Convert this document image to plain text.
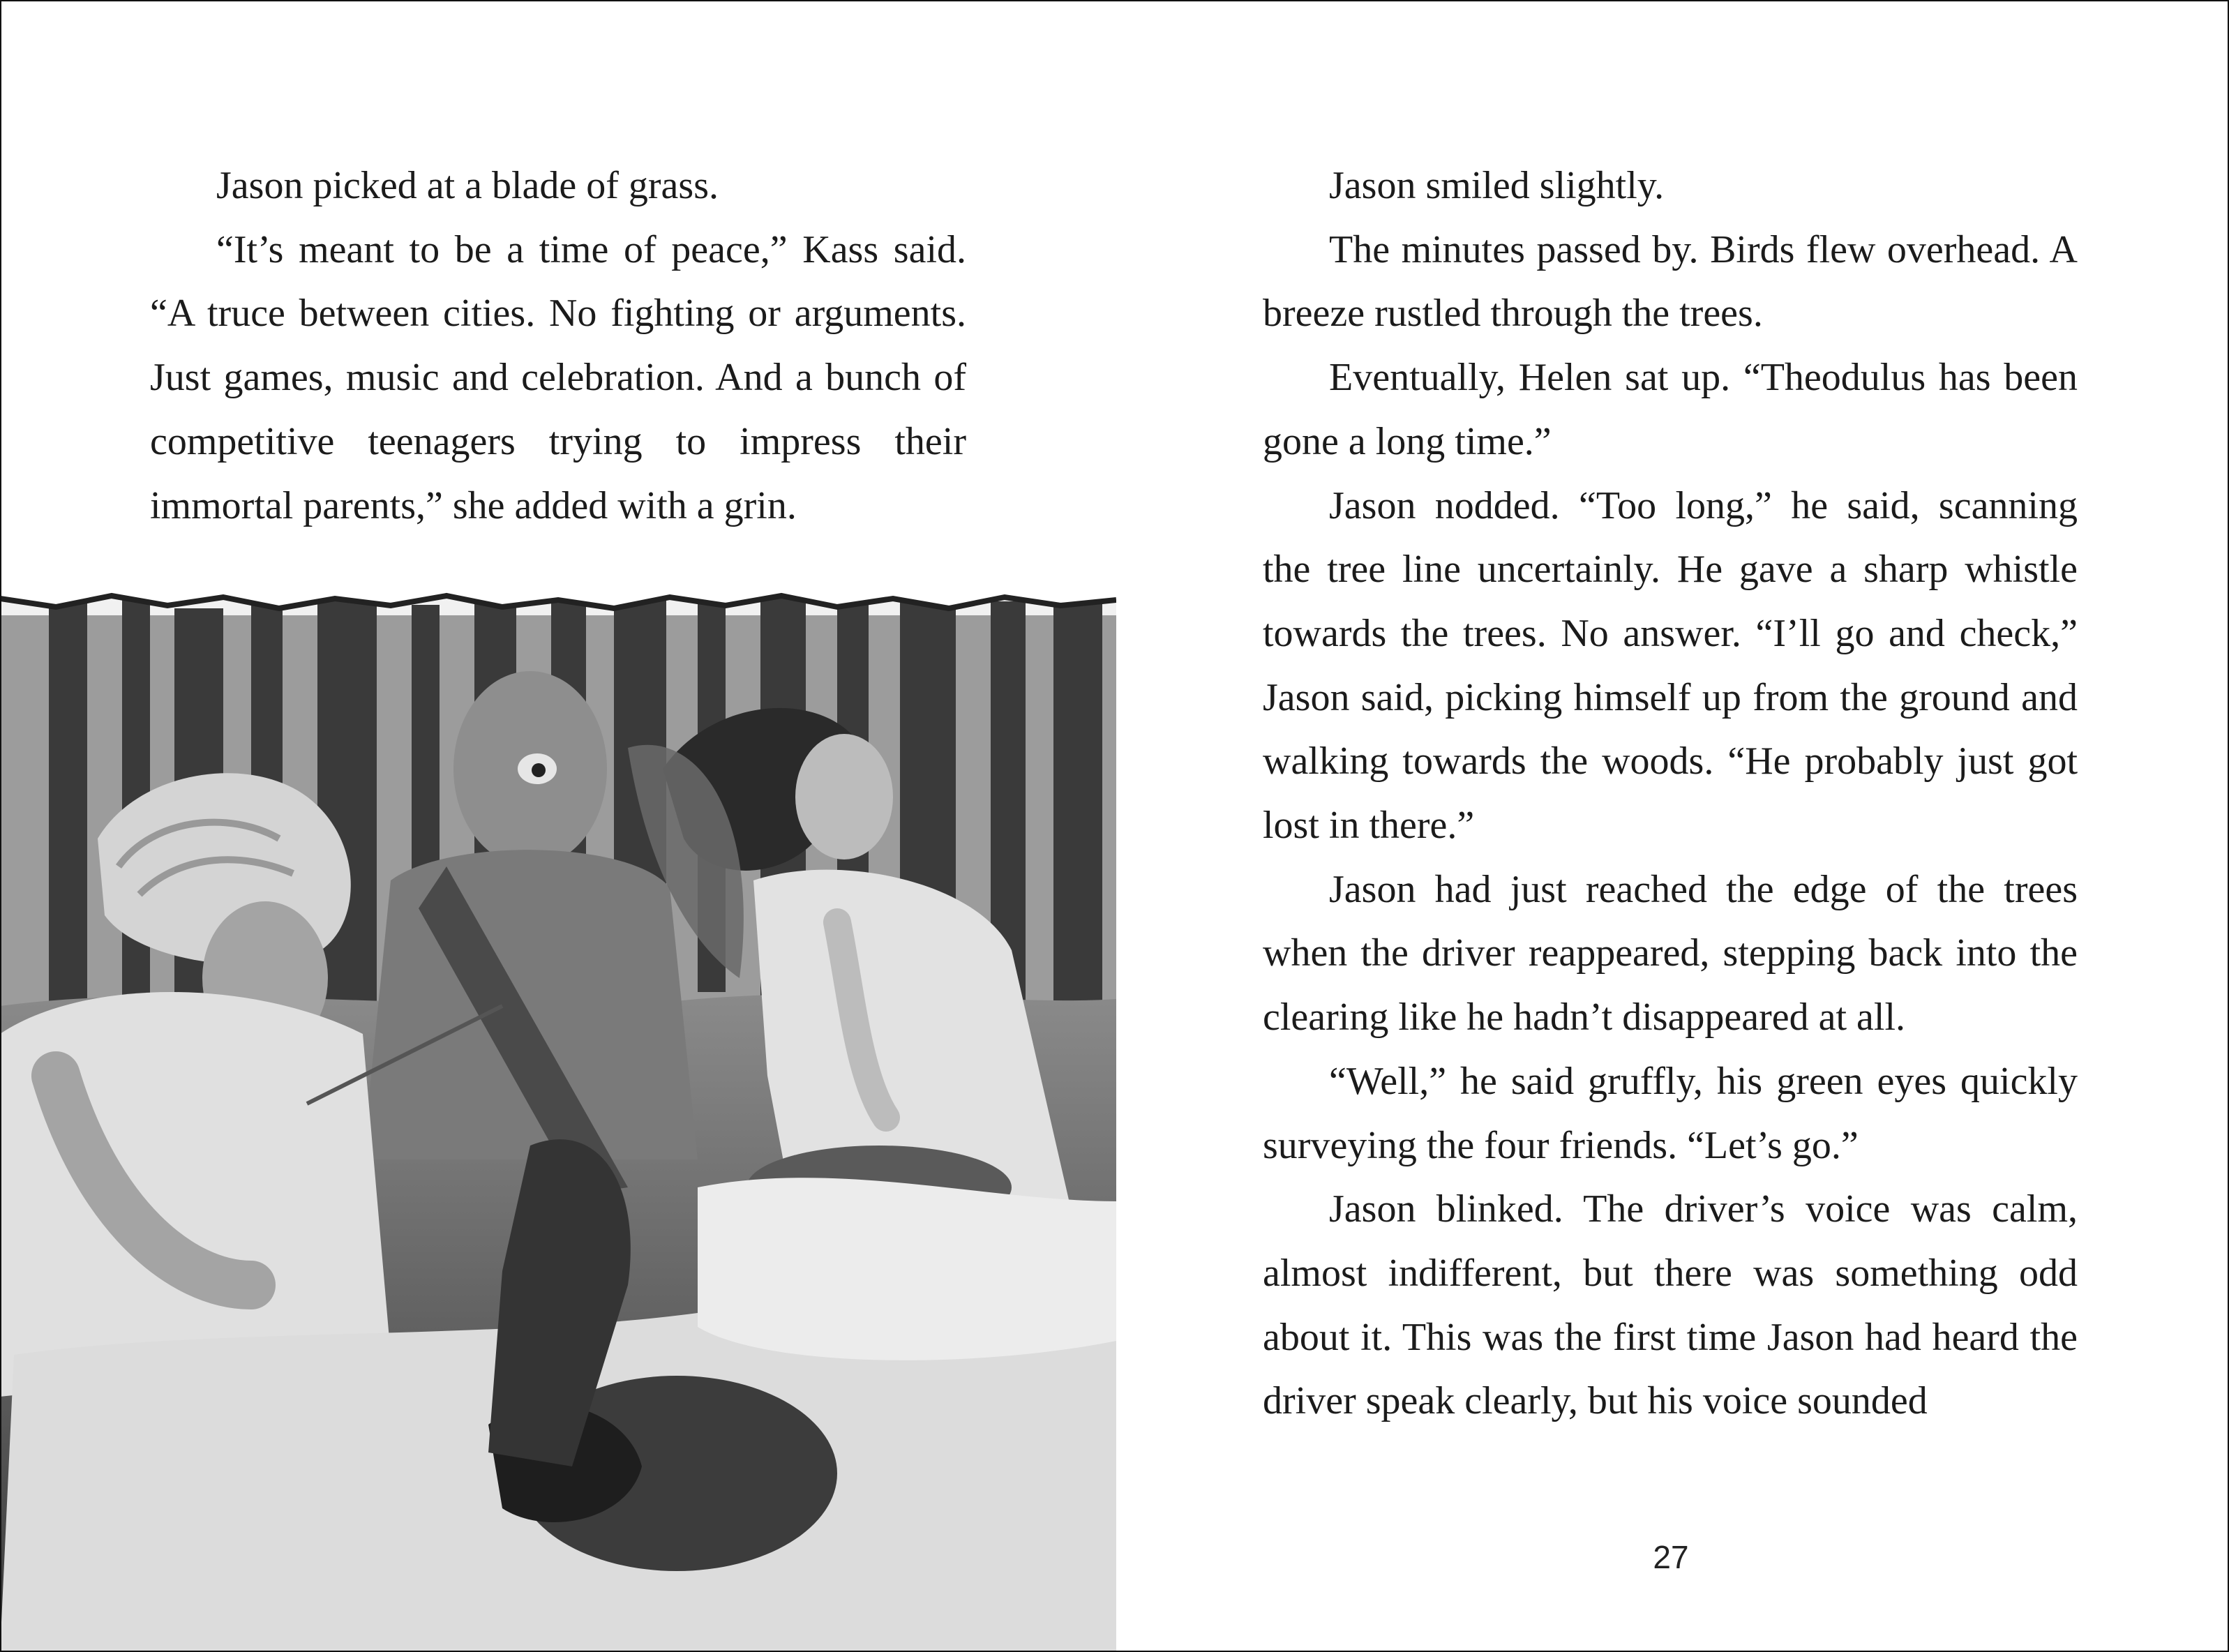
Jason picked at a blade of grass.

“It’s meant to be a time of peace,” Kass said. “A truce between cities. No fighting or arguments. Just games, music and celebration. And a bunch of competitive teenagers trying to impress their immortal parents,” she added with a grin.

Jason smiled slightly.

The minutes passed by. Birds flew overhead. A breeze rustled through the trees.

Eventually, Helen sat up. “Theodulus has been gone a long time.”

Jason nodded. “Too long,” he said, scanning the tree line uncertainly. He gave a sharp whistle towards the trees. No answer. “I’ll go and check,” Jason said, picking himself up from the ground and walking towards the woods. “He probably just got lost in there.”

Jason had just reached the edge of the trees when the driver reappeared, stepping back into the clearing like he hadn’t disappeared at all.

“Well,” he said gruffly, his green eyes quickly surveying the four friends. “Let’s go.”

Jason blinked. The driver’s voice was calm, almost indifferent, but there was something odd about it. This was the first time Jason had heard the driver speak clearly, but his voice sounded

27
